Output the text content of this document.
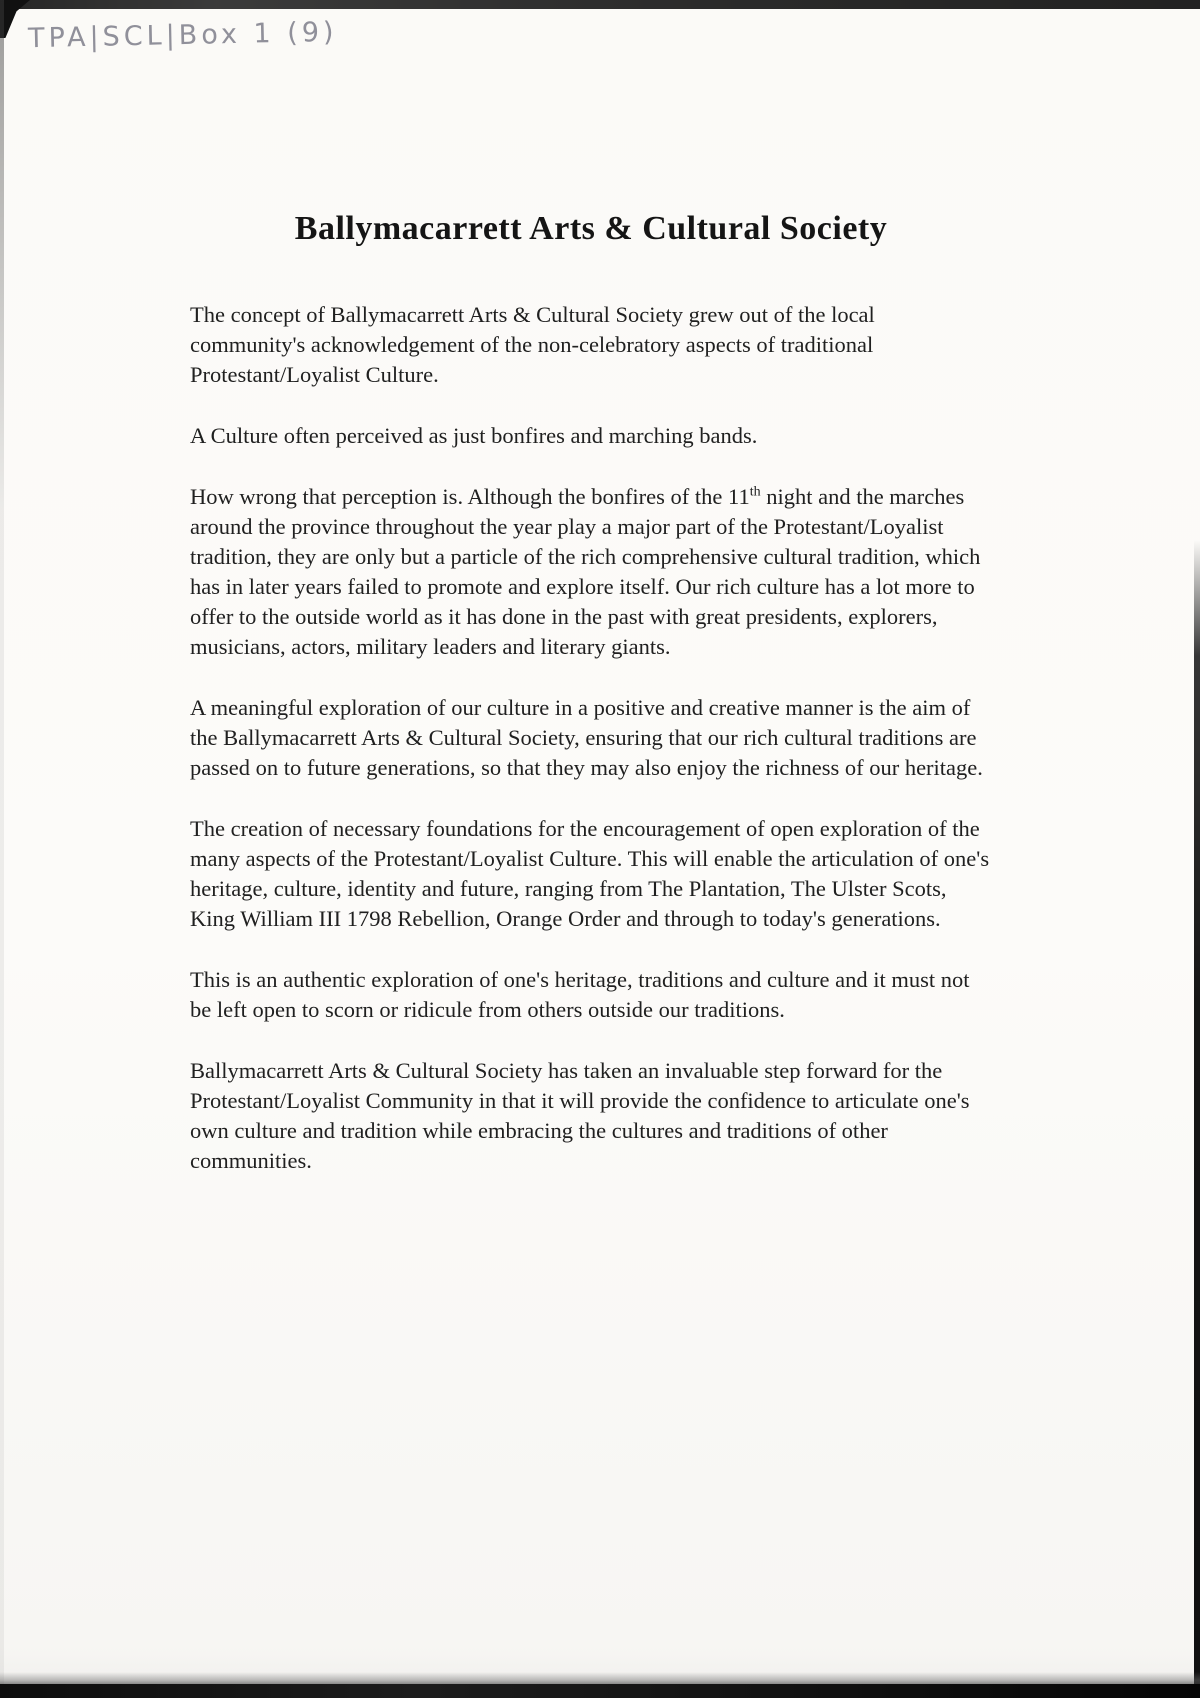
TPA|SCL|Box 1 (9)
Ballymacarrett Arts & Cultural Society

The concept of Ballymacarrett Arts & Cultural Society grew out of the local community's acknowledgement of the non-celebratory aspects of traditional Protestant/Loyalist Culture.

A Culture often perceived as just bonfires and marching bands.

How wrong that perception is. Although the bonfires of the 11th night and the marches around the province throughout the year play a major part of the Protestant/Loyalist tradition, they are only but a particle of the rich comprehensive cultural tradition, which has in later years failed to promote and explore itself. Our rich culture has a lot more to offer to the outside world as it has done in the past with great presidents, explorers, musicians, actors, military leaders and literary giants.

A meaningful exploration of our culture in a positive and creative manner is the aim of the Ballymacarrett Arts & Cultural Society, ensuring that our rich cultural traditions are passed on to future generations, so that they may also enjoy the richness of our heritage.

The creation of necessary foundations for the encouragement of open exploration of the many aspects of the Protestant/Loyalist Culture. This will enable the articulation of one's heritage, culture, identity and future, ranging from The Plantation, The Ulster Scots, King William III 1798 Rebellion, Orange Order and through to today's generations.

This is an authentic exploration of one's heritage, traditions and culture and it must not be left open to scorn or ridicule from others outside our traditions.

Ballymacarrett Arts & Cultural Society has taken an invaluable step forward for the Protestant/Loyalist Community in that it will provide the confidence to articulate one's own culture and tradition while embracing the cultures and traditions of other communities.
